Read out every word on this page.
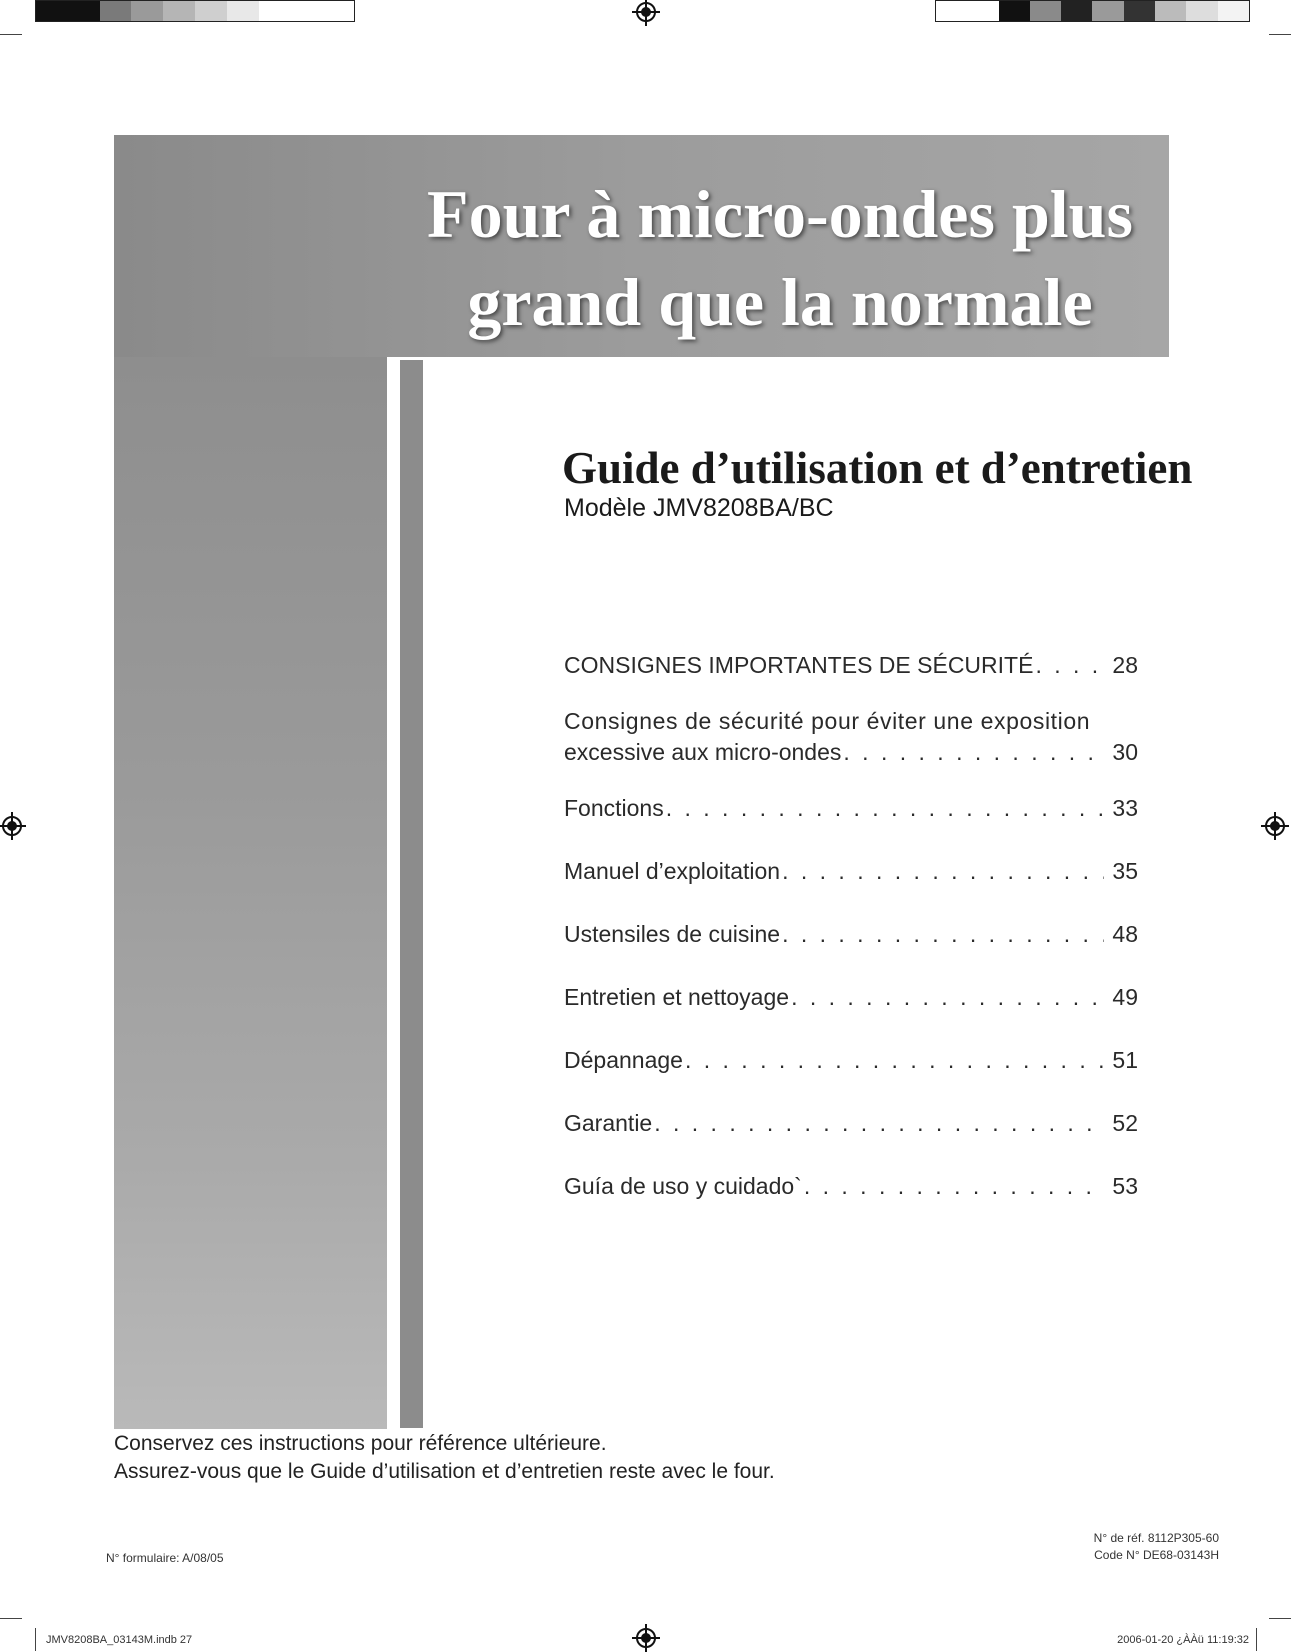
Four à micro-ondes plus
grand que la normale
Guide d’utilisation et d’entretien
Modèle JMV8208BA/BC
CONSIGNES IMPORTANTES DE SÉCURITÉ . . .	28
Consignes de sécurité pour éviter une exposition
excessive aux micro-ondes . . .	30
Fonctions . . .	33
Manuel d’exploitation . . .	35
Ustensiles de cuisine . . .	48
Entretien et nettoyage . . .	49
Dépannage . . .	51
Garantie . . .	52
Guía de uso y cuidado` . . .	53
Conservez ces instructions pour référence ultérieure.
Assurez-vous que le Guide d’utilisation et d’entretien reste avec le four.
N° formulaire: A/08/05
N° de réf. 8112P305-60
Code N° DE68-03143H
JMV8208BA_03143M.indb 27	2006-01-20 ¿ÀÀü 11:19:32
